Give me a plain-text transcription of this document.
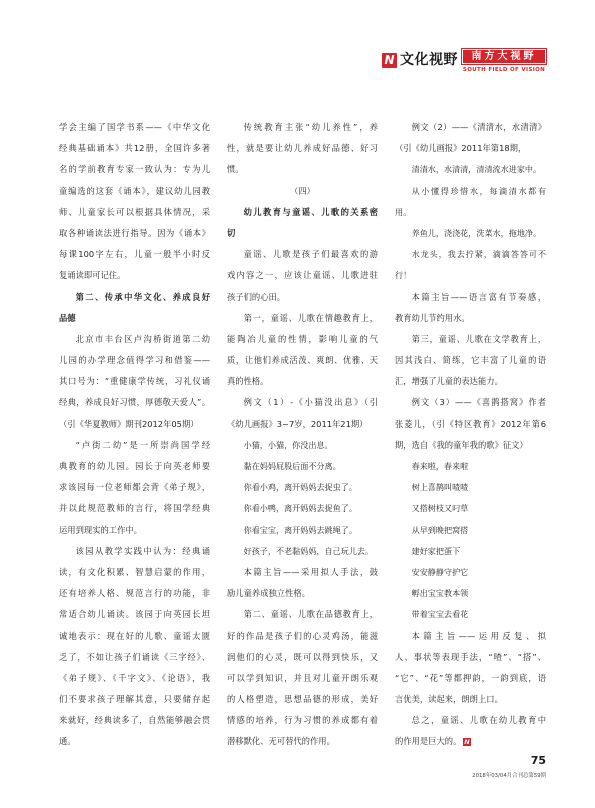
N 文化视野	南方大视野
SOUTH FIELD OF VISION
学会主编了国学书系——《中华文化
经典基础诵本》共12册，全国许多著
名的学前教育专家一致认为：专为儿
童编选的这套《诵本》，建议幼儿园教
师、儿童家长可以根据具体情况，采
取各种诵读法进行指导。因为《诵本》
每课100字左右，儿童一般半小时反
复诵读即可记住。
第二、传承中华文化、养成良好
品德
北京市丰台区卢沟桥街道第二幼
儿园的办学理念值得学习和借鉴——
其口号为：“重健康学传统，习礼仪诵
经典，养成良好习惯，厚德敬天爱人”。
（引《华夏教师》期刊2012年05期）
“卢街二幼”是一所崇尚国学经
典教育的幼儿园。园长于向英老师要
求该园每一位老师都会背《弟子规》，
并以此规范教师的言行，将国学经典
运用到现实的工作中。
该园从教学实践中认为：经典诵
读，有文化积累、智慧启蒙的作用，
还有培养人格、规范言行的功能，非
常适合幼儿诵读。该园于向英园长坦
诚地表示：现在好的儿歌、童谣太匮
乏了，不如让孩子们诵读《三字经》、
《弟子规》、《千字文》、《论语》，我
们不要求孩子理解其意，只要储存起
来就好，经典读多了，自然能够融会贯
通。
传统教育主张“幼儿养性”，养
性，就是要让幼儿养成好品德、好习
惯。
（四）
幼儿教育与童谣、儿歌的关系密
切
童谣、儿歌是孩子们最喜欢的游
戏内容之一，应该让童谣、儿歌进驻
孩子们的心田。
第一，童谣、儿歌在情趣教育上，
能陶冶儿童的性情，影响儿童的气
质，让他们养成活泼、爽朗、优雅、天
真的性格。
例文（1）-《小猫没出息》（引
《幼儿画报》3~7岁，2011年21期）
小猫，小猫，你没出息。
黏在妈妈屁股后面不分离。
你看小鸡，离开妈妈去捉虫了。
你看小鸭，离开妈妈去捉鱼了。
你看宝宝，离开妈妈去跳绳了。
好孩子，不老黏妈妈，自己玩儿去。
本篇主旨——采用拟人手法，鼓
励儿童养成独立性格。
第二、童谣、儿歌在品德教育上，
好的作品是孩子们的心灵鸡汤，能滋
润他们的心灵，既可以得到快乐，又
可以学到知识，并且对儿童开朗乐观
的人格塑造，思想品德的形成，美好
情感的培养，行为习惯的养成都有着
潜移默化、无可替代的作用。
例文（2）——《清清水，水清清》
（引《幼儿画报》2011年第18期，
清清水，水清清，清清流水进家中。
从小懂得珍惜水，每滴清水都有
用。
养鱼儿，浇浇花，洗菜水，拖地净。
水龙头，我去拧紧，滴滴答答可不
行！
本篇主旨——语言富有节奏感，
教育幼儿节约用水。
第三，童谣、儿歌在文学教育上，
因其浅白、简练，它丰富了儿童的语
汇，增强了儿童的表达能力。
例文（3）——《喜鹊搭窝》作者
张菱儿，（引《特区教育》2012年第6
期，选自《我的童年我的歌》征文）
春来啦，春来啦
树上喜鹊叫喳喳
又搭树枝又叼草
从早到晚把窝搭
建好家把蛋下
安安静静守护它
孵出宝宝教本领
带着宝宝去看花
本篇主旨——运用反复、拟
人、事状等表现手法，“喳”、“搭”、
“它”、“花”等都押韵，一韵到底，语
言优美，读起来，朗朗上口。
总之，童谣、儿歌在幼儿教育中
的作用是巨大的。 N
75
2018年03/04月合刊总第59期
